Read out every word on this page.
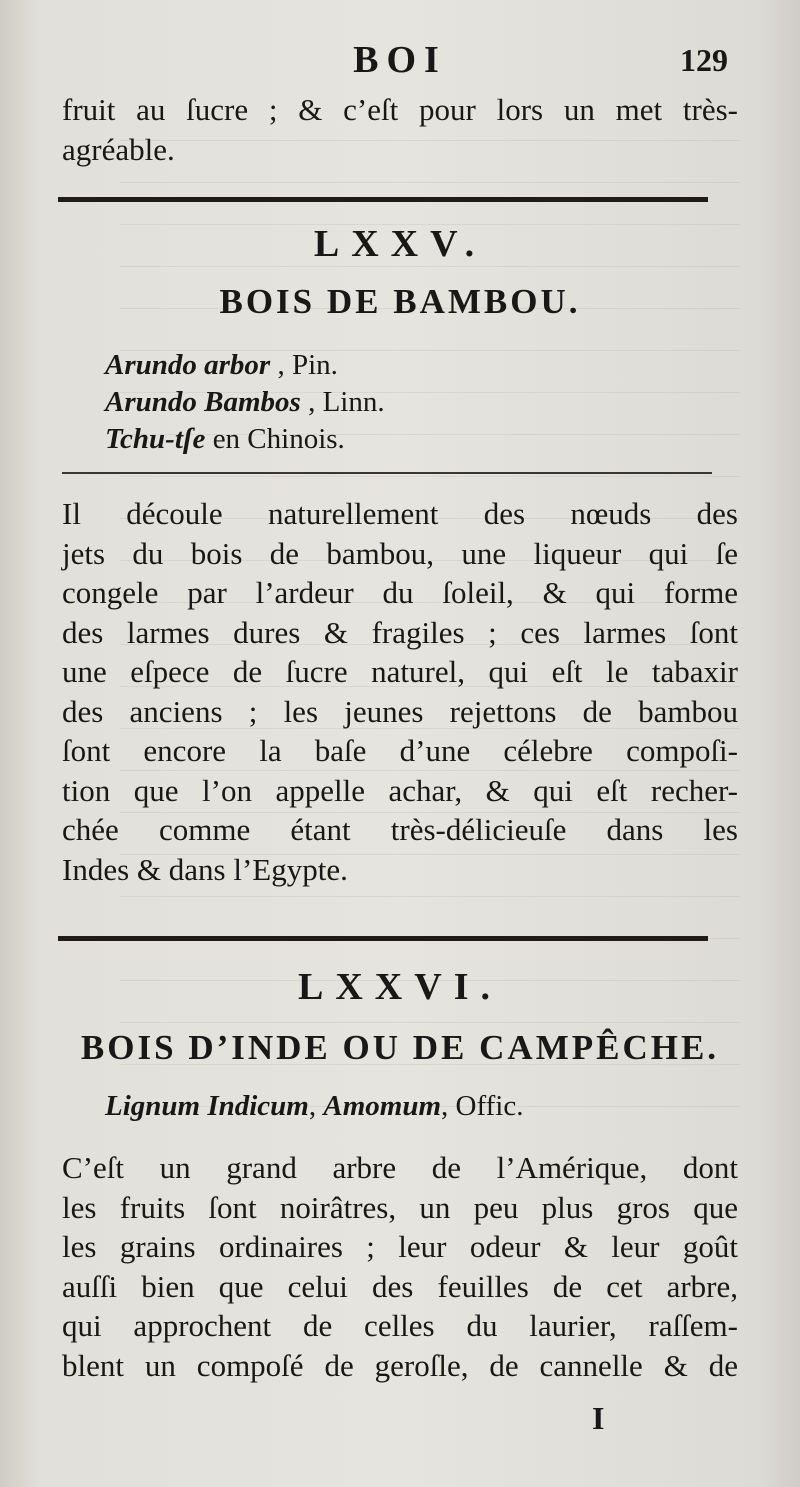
BOI	129
fruit au ſucre ; & c’eſt pour lors un met très-
agréable.
LXXV.
BOIS DE BAMBOU.
Arundo arbor , Pin.
Arundo Bambos , Linn.
Tchu-tſe en Chinois.
Il découle naturellement des nœuds des
jets du bois de bambou, une liqueur qui ſe
congele par l’ardeur du ſoleil, & qui forme
des larmes dures & fragiles ; ces larmes ſont
une eſpece de ſucre naturel, qui eſt le tabaxir
des anciens ; les jeunes rejettons de bambou
ſont encore la baſe d’une célebre compoſi-
tion que l’on appelle achar, & qui eſt recher-
chée comme étant très-délicieuſe dans les
Indes & dans l’Egypte.
LXXVI.
BOIS D’INDE OU DE CAMPÊCHE.
Lignum Indicum, Amomum, Offic.
C’eſt un grand arbre de l’Amérique, dont
les fruits ſont noirâtres, un peu plus gros que
les grains ordinaires ; leur odeur & leur goût
auſſi bien que celui des feuilles de cet arbre,
qui approchent de celles du laurier, raſſem-
blent un compoſé de geroſle, de cannelle & de
I
